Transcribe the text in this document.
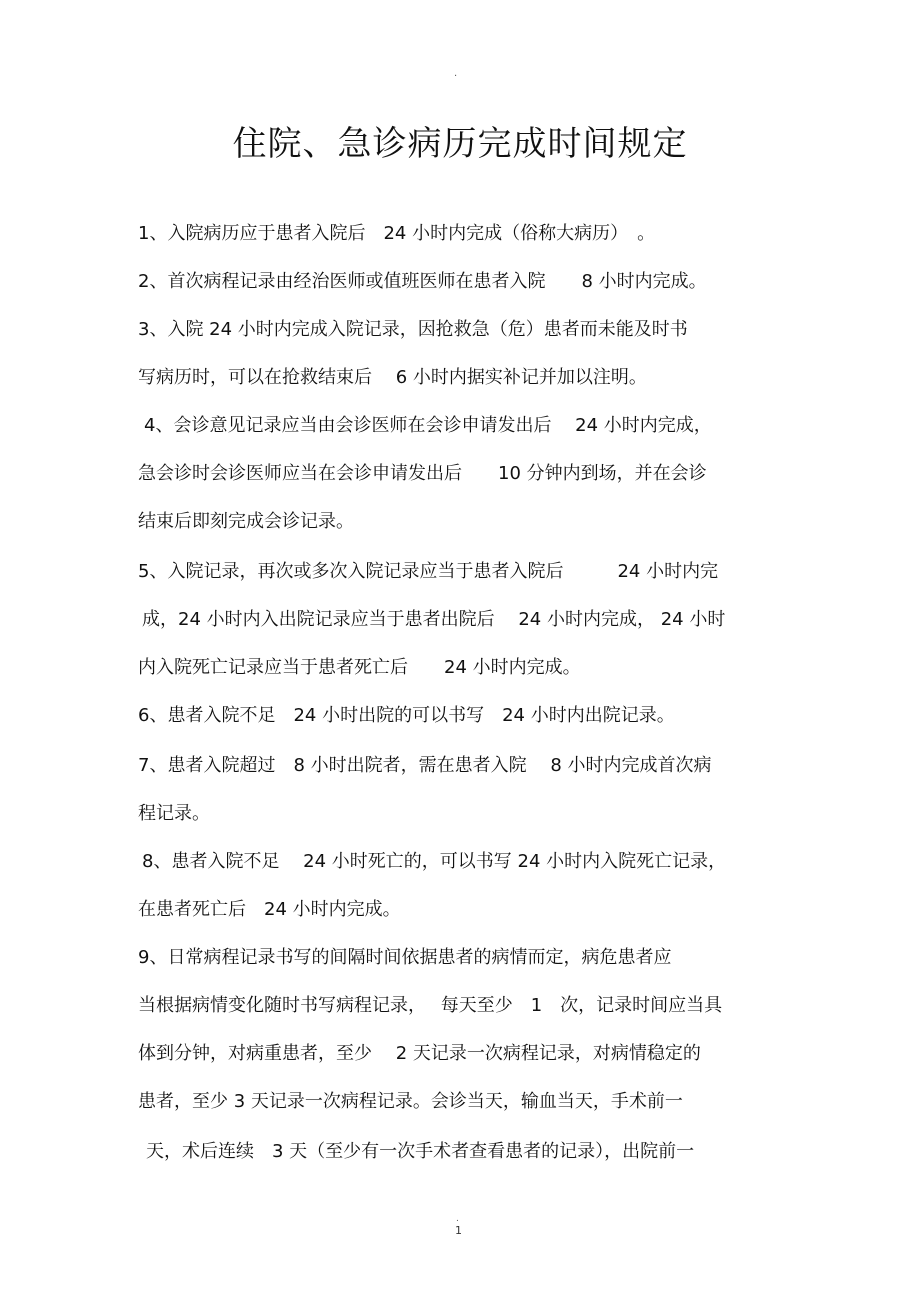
.
住院、急诊病历完成时间规定
1、入院病历应于患者入院后　24 小时内完成（俗称大病历）　。
2、首次病程记录由经治医师或值班医师在患者入院　　8 小时内完成。
3、入院 24 小时内完成入院记录，因抢救急（危）患者而未能及时书
写病历时，可以在抢救结束后　 6 小时内据实补记并加以注明。
4、会诊意见记录应当由会诊医师在会诊申请发出后　 24 小时内完成，
急会诊时会诊医师应当在会诊申请发出后　　10 分钟内到场，并在会诊
结束后即刻完成会诊记录。
5、入院记录，再次或多次入院记录应当于患者入院后　　　24 小时内完
成，24 小时内入出院记录应当于患者出院后　 24 小时内完成， 24 小时
内入院死亡记录应当于患者死亡后　　24 小时内完成。
6、患者入院不足　24 小时出院的可以书写　24 小时内出院记录。
7、患者入院超过　8 小时出院者，需在患者入院　 8 小时内完成首次病
程记录。
8、患者入院不足　 24 小时死亡的，可以书写 24 小时内入院死亡记录，
在患者死亡后　24 小时内完成。
9、日常病程记录书写的间隔时间依据患者的病情而定，病危患者应
当根据病情变化随时书写病程记录，　 每天至少　1　次，记录时间应当具
体到分钟，对病重患者，至少　 2 天记录一次病程记录，对病情稳定的
患者，至少 3 天记录一次病程记录。会诊当天，输血当天，手术前一
天，术后连续　3 天（至少有一次手术者查看患者的记录），出院前一
.
1
